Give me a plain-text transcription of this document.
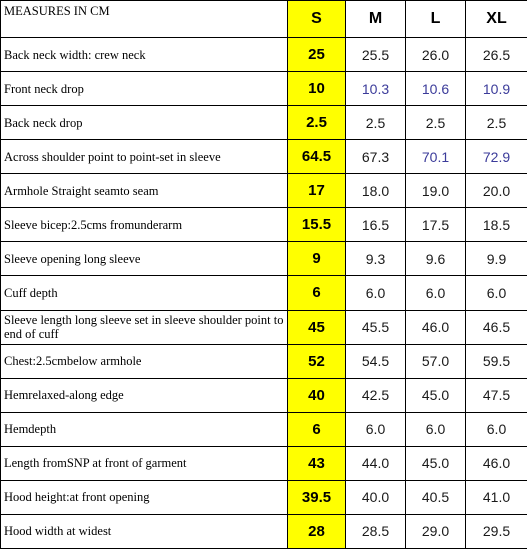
MEASURES IN CM	S	M	L	XL
Back neck width: crew neck	25	25.5	26.0	26.5
Front neck drop	10	10.3	10.6	10.9
Back neck drop	2.5	2.5	2.5	2.5
Across shoulder point to point-set in sleeve	64.5	67.3	70.1	72.9
Armhole Straight seamto seam	17	18.0	19.0	20.0
Sleeve bicep:2.5cms fromunderarm	15.5	16.5	17.5	18.5
Sleeve opening long sleeve	9	9.3	9.6	9.9
Cuff depth	6	6.0	6.0	6.0
Sleeve length long sleeve set in sleeve shoulder point to end of cuff	45	45.5	46.0	46.5
Chest:2.5cmbelow armhole	52	54.5	57.0	59.5
Hemrelaxed-along edge	40	42.5	45.0	47.5
Hemdepth	6	6.0	6.0	6.0
Length fromSNP at front of garment	43	44.0	45.0	46.0
Hood height:at front opening	39.5	40.0	40.5	41.0
Hood width at widest	28	28.5	29.0	29.5
